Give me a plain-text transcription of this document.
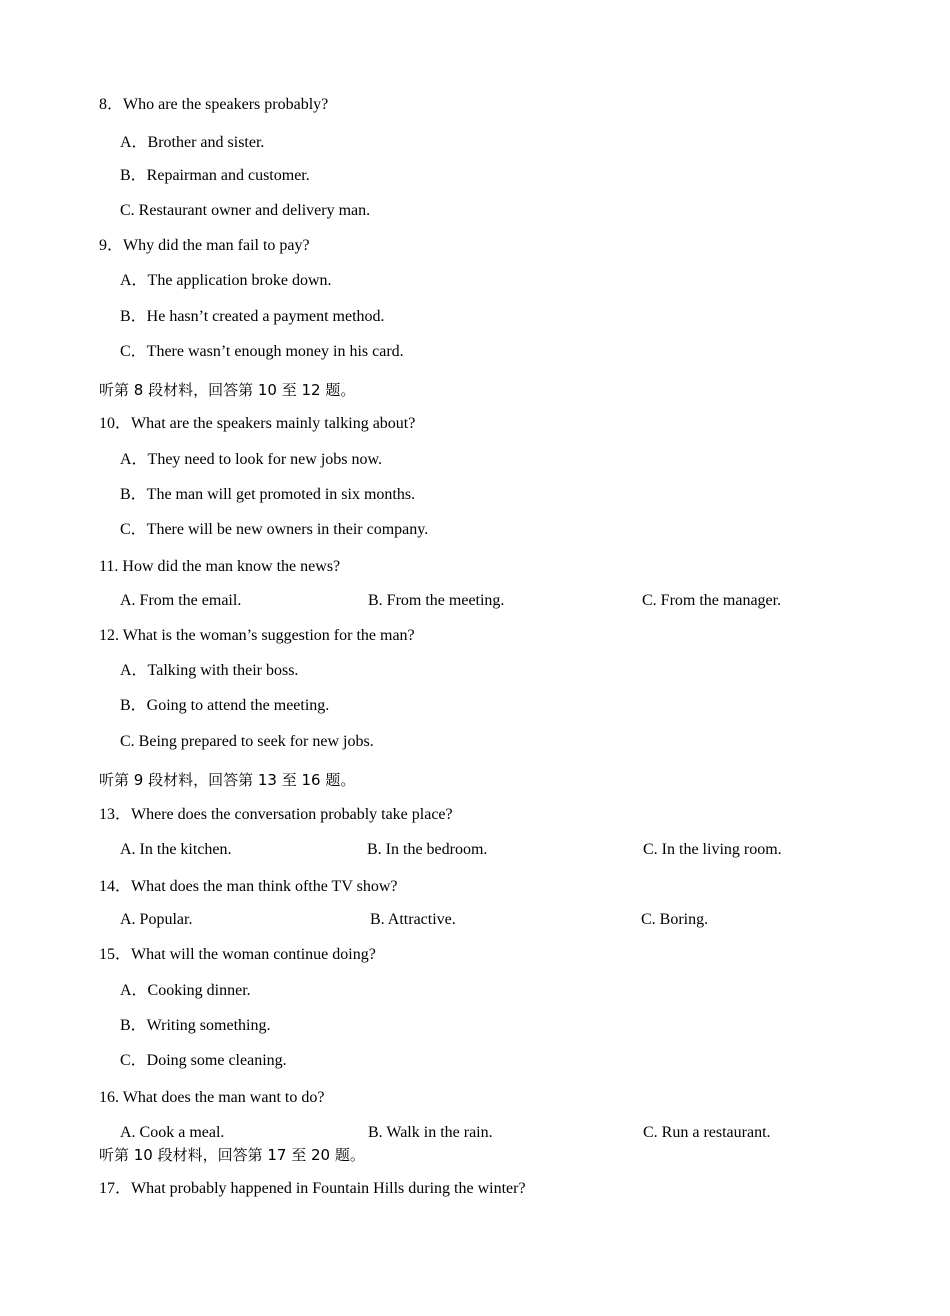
8．Who are the speakers probably?
A．Brother and sister.
B．Repairman and customer.
C. Restaurant owner and delivery man.
9．Why did the man fail to pay?
A．The application broke down.
B．He hasn’t created a payment method.
C．There wasn’t enough money in his card.
听第 8 段材料，回答第 10 至 12 题。
10．What are the speakers mainly talking about?
A．They need to look for new jobs now.
B．The man will get promoted in six months.
C．There will be new owners in their company.
11. How did the man know the news?
A. From the email.	B. From the meeting.	C. From the manager.
12. What is the woman’s suggestion for the man?
A．Talking with their boss.
B．Going to attend the meeting.
C. Being prepared to seek for new jobs.
听第 9 段材料，回答第 13 至 16 题。
13．Where does the conversation probably take place?
A. In the kitchen.	B. In the bedroom.	C. In the living room.
14．What does the man think ofthe TV show?
A. Popular.	B. Attractive.	C. Boring.
15．What will the woman continue doing?
A．Cooking dinner.
B．Writing something.
C．Doing some cleaning.
16. What does the man want to do?
A. Cook a meal.	B. Walk in the rain.	C. Run a restaurant.
听第 10 段材料，回答第 17 至 20 题。
17．What probably happened in Fountain Hills during the winter?
